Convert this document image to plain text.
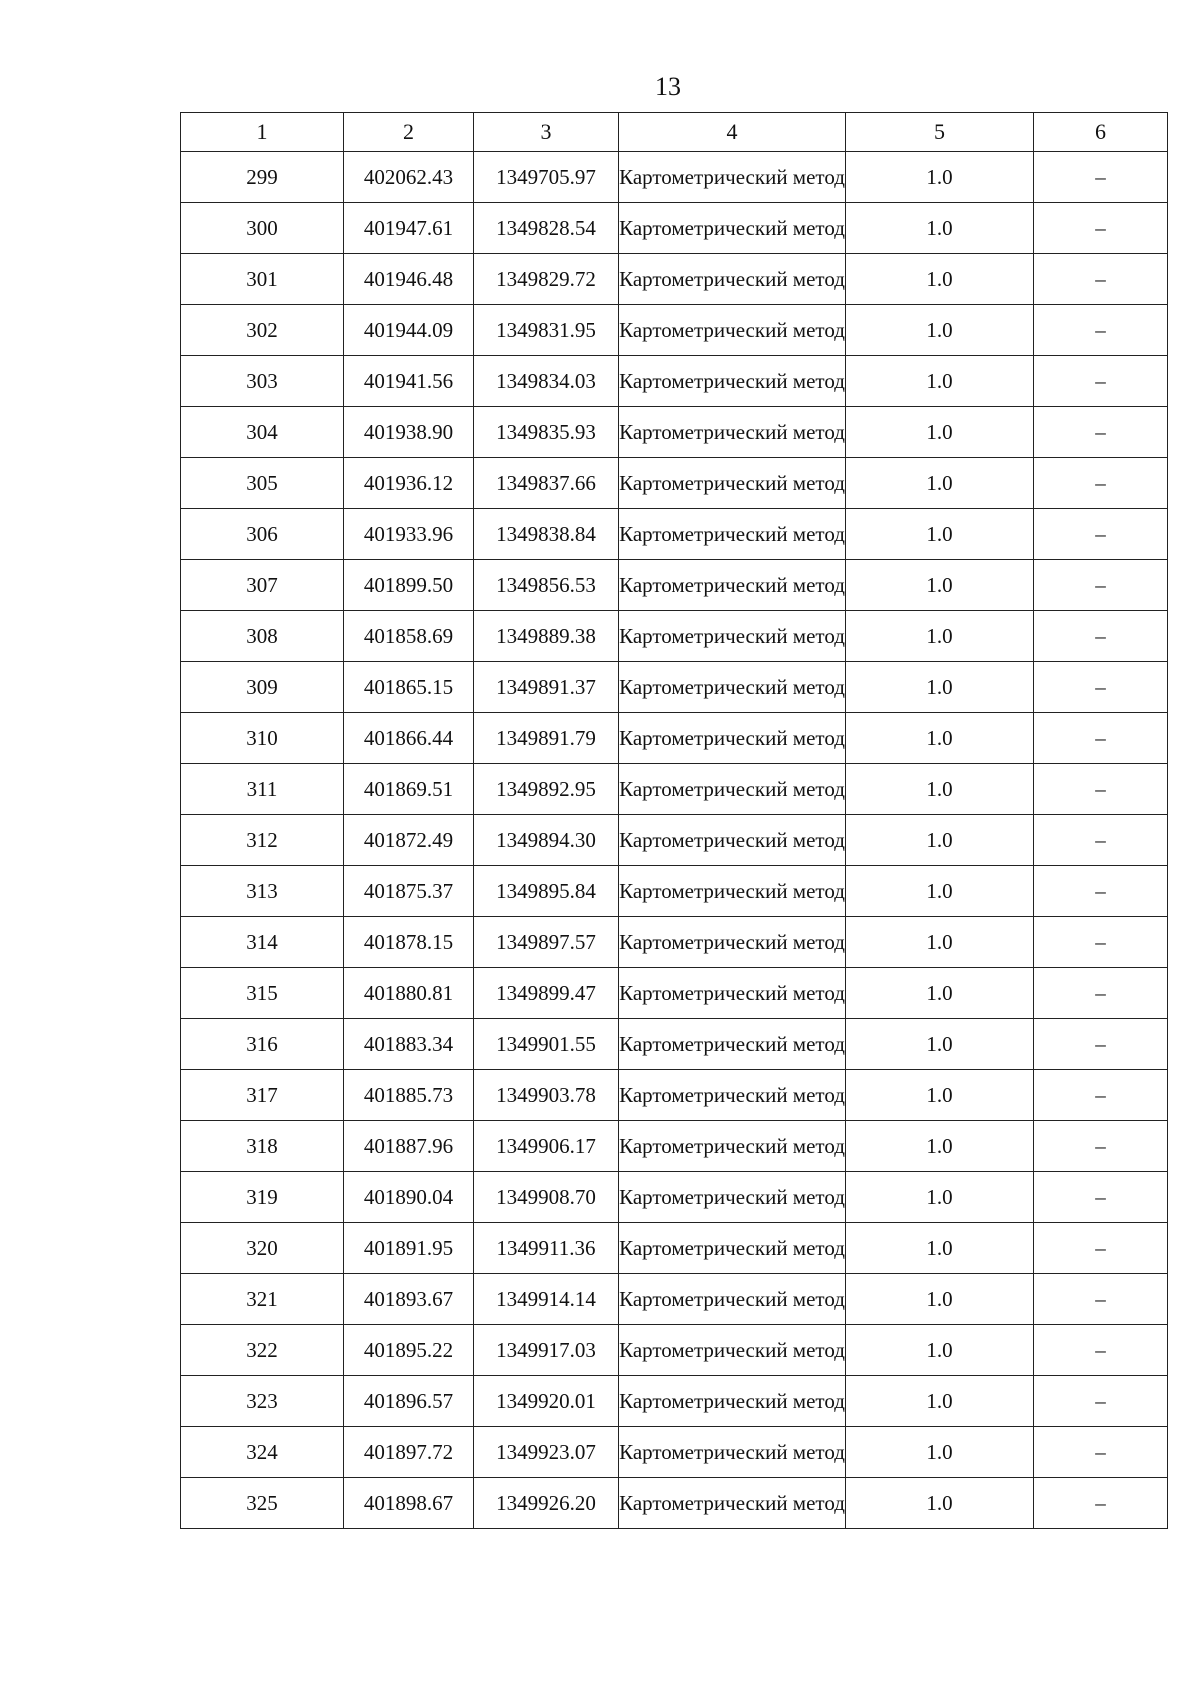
13
1	2	3	4	5	6
299	402062.43	1349705.97	Картометрический метод	1.0	–
300	401947.61	1349828.54	Картометрический метод	1.0	–
301	401946.48	1349829.72	Картометрический метод	1.0	–
302	401944.09	1349831.95	Картометрический метод	1.0	–
303	401941.56	1349834.03	Картометрический метод	1.0	–
304	401938.90	1349835.93	Картометрический метод	1.0	–
305	401936.12	1349837.66	Картометрический метод	1.0	–
306	401933.96	1349838.84	Картометрический метод	1.0	–
307	401899.50	1349856.53	Картометрический метод	1.0	–
308	401858.69	1349889.38	Картометрический метод	1.0	–
309	401865.15	1349891.37	Картометрический метод	1.0	–
310	401866.44	1349891.79	Картометрический метод	1.0	–
311	401869.51	1349892.95	Картометрический метод	1.0	–
312	401872.49	1349894.30	Картометрический метод	1.0	–
313	401875.37	1349895.84	Картометрический метод	1.0	–
314	401878.15	1349897.57	Картометрический метод	1.0	–
315	401880.81	1349899.47	Картометрический метод	1.0	–
316	401883.34	1349901.55	Картометрический метод	1.0	–
317	401885.73	1349903.78	Картометрический метод	1.0	–
318	401887.96	1349906.17	Картометрический метод	1.0	–
319	401890.04	1349908.70	Картометрический метод	1.0	–
320	401891.95	1349911.36	Картометрический метод	1.0	–
321	401893.67	1349914.14	Картометрический метод	1.0	–
322	401895.22	1349917.03	Картометрический метод	1.0	–
323	401896.57	1349920.01	Картометрический метод	1.0	–
324	401897.72	1349923.07	Картометрический метод	1.0	–
325	401898.67	1349926.20	Картометрический метод	1.0	–
